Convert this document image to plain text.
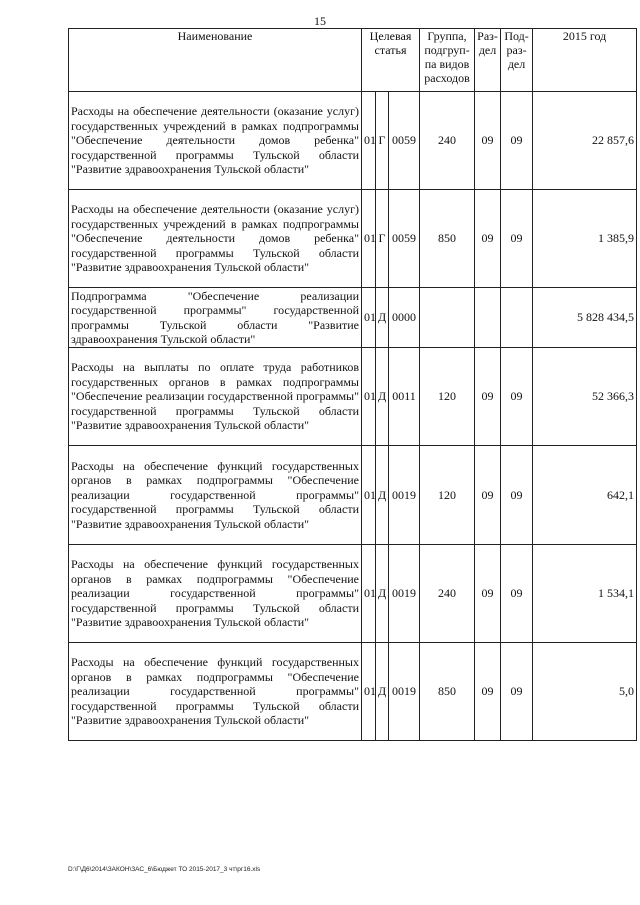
15
Наименование	Целевая статья			Группа, подгруп-па видов расходов	Раз-дел	Под-раз-дел	2015 год
Расходы на обеспечение деятельности (оказание услуг) государственных учреждений в рамках подпрограммы "Обеспечение деятельности домов ребенка" государственной программы Тульской области "Развитие здравоохранения Тульской области"	01	Г	0059	240	09	09	22 857,6
Расходы на обеспечение деятельности (оказание услуг) государственных учреждений в рамках подпрограммы "Обеспечение деятельности домов ребенка" государственной программы Тульской области "Развитие здравоохранения Тульской области"	01	Г	0059	850	09	09	1 385,9
Подпрограмма "Обеспечение реализации государственной программы" государственной программы Тульской области "Развитие здравоохранения Тульской области"	01	Д	0000				5 828 434,5
Расходы на выплаты по оплате труда работников государственных органов в рамках подпрограммы "Обеспечение реализации государственной программы" государственной программы Тульской области "Развитие здравоохранения Тульской области"	01	Д	0011	120	09	09	52 366,3
Расходы на обеспечение функций государственных органов в рамках подпрограммы "Обеспечение реализации государственной программы" государственной программы Тульской области "Развитие здравоохранения Тульской области"	01	Д	0019	120	09	09	642,1
Расходы на обеспечение функций государственных органов в рамках подпрограммы "Обеспечение реализации государственной программы" государственной программы Тульской области "Развитие здравоохранения Тульской области"	01	Д	0019	240	09	09	1 534,1
Расходы на обеспечение функций государственных органов в рамках подпрограммы "Обеспечение реализации государственной программы" государственной программы Тульской области "Развитие здравоохранения Тульской области"	01	Д	0019	850	09	09	5,0
D:\Г\Д6\2014\ЗАКОН\ЗАС_6\Бюджет ТО 2015-2017_3 чт\рг16.xls
